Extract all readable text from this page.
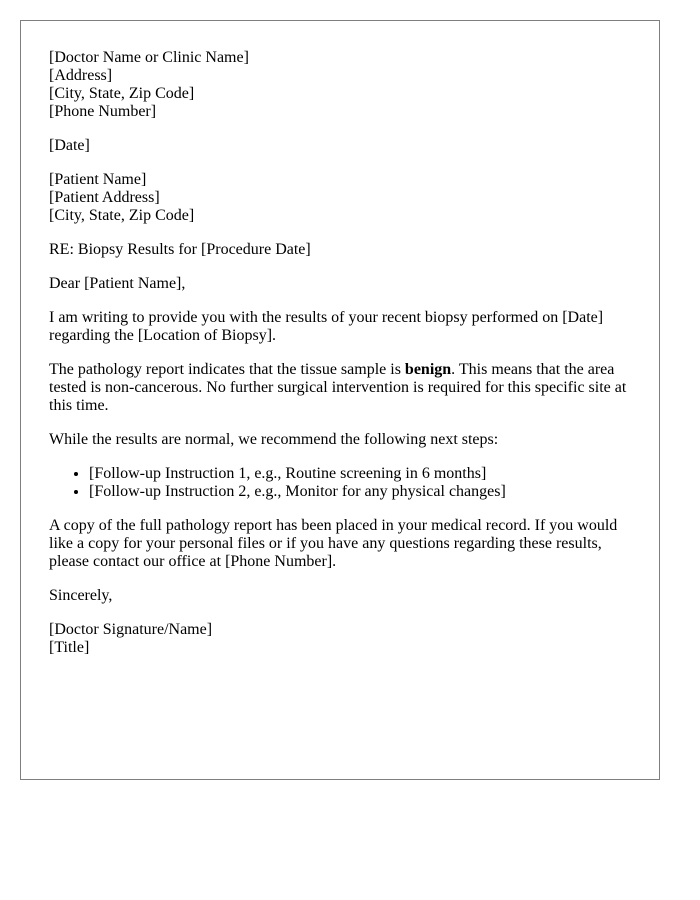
[Doctor Name or Clinic Name]
[Address]
[City, State, Zip Code]
[Phone Number]

[Date]

[Patient Name]
[Patient Address]
[City, State, Zip Code]

RE: Biopsy Results for [Procedure Date]

Dear [Patient Name],

I am writing to provide you with the results of your recent biopsy performed on [Date] regarding the [Location of Biopsy].

The pathology report indicates that the tissue sample is benign. This means that the area tested is non-cancerous. No further surgical intervention is required for this specific site at this time.

While the results are normal, we recommend the following next steps:

• [Follow-up Instruction 1, e.g., Routine screening in 6 months]
• [Follow-up Instruction 2, e.g., Monitor for any physical changes]

A copy of the full pathology report has been placed in your medical record. If you would like a copy for your personal files or if you have any questions regarding these results, please contact our office at [Phone Number].

Sincerely,

[Doctor Signature/Name]
[Title]
